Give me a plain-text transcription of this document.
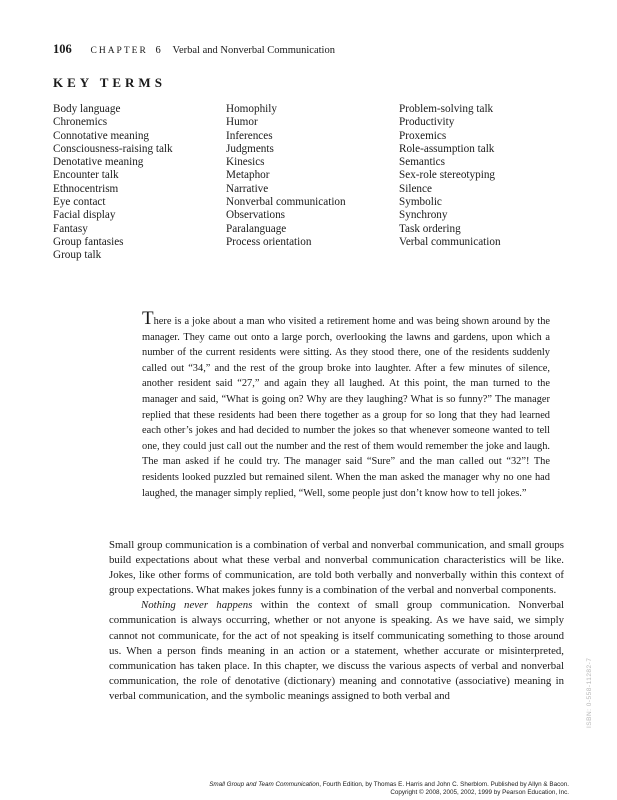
106 CHAPTER 6 Verbal and Nonverbal Communication
KEY TERMS
Body language
Chronemics
Connotative meaning
Consciousness-raising talk
Denotative meaning
Encounter talk
Ethnocentrism
Eye contact
Facial display
Fantasy
Group fantasies
Group talk
Homophily
Humor
Inferences
Judgments
Kinesics
Metaphor
Narrative
Nonverbal communication
Observations
Paralanguage
Process orientation
Problem-solving talk
Productivity
Proxemics
Role-assumption talk
Semantics
Sex-role stereotyping
Silence
Symbolic
Synchrony
Task ordering
Verbal communication
There is a joke about a man who visited a retirement home and was being shown around by the manager. They came out onto a large porch, overlooking the lawns and gardens, upon which a number of the current residents were sitting. As they stood there, one of the residents suddenly called out “34,” and the rest of the group broke into laughter. After a few minutes of silence, another resident said “27,” and again they all laughed. At this point, the man turned to the manager and said, “What is going on? Why are they laughing? What is so funny?” The manager replied that these residents had been there together as a group for so long that they had learned each other’s jokes and had decided to number the jokes so that whenever someone wanted to tell one, they could just call out the number and the rest of them would remember the joke and laugh. The man asked if he could try. The manager said “Sure” and the man called out “32”! The residents looked puzzled but remained silent. When the man asked the manager why no one had laughed, the manager simply replied, “Well, some people just don’t know how to tell jokes.”

Small group communication is a combination of verbal and nonverbal communication, and small groups build expectations about what these verbal and nonverbal communication characteristics will be like. Jokes, like other forms of communication, are told both verbally and nonverbally within this context of group expectations. What makes jokes funny is a combination of the verbal and nonverbal components.

Nothing never happens within the context of small group communication. Nonverbal communication is always occurring, whether or not anyone is speaking. As we have said, we simply cannot not communicate, for the act of not speaking is itself communicating something to those around us. When a person finds meaning in an action or a statement, whether accurate or misinterpreted, communication has taken place. In this chapter, we discuss the various aspects of verbal and nonverbal communication, the role of denotative (dictionary) meaning and connotative (associative) meaning in verbal communication, and the symbolic meanings assigned to both verbal and	ISBN: 0-558-11282-7
Small Group and Team Communication, Fourth Edition, by Thomas E. Harris and John C. Sherblom. Published by Allyn & Bacon.
Copyright © 2008, 2005, 2002, 1999 by Pearson Education, Inc.
